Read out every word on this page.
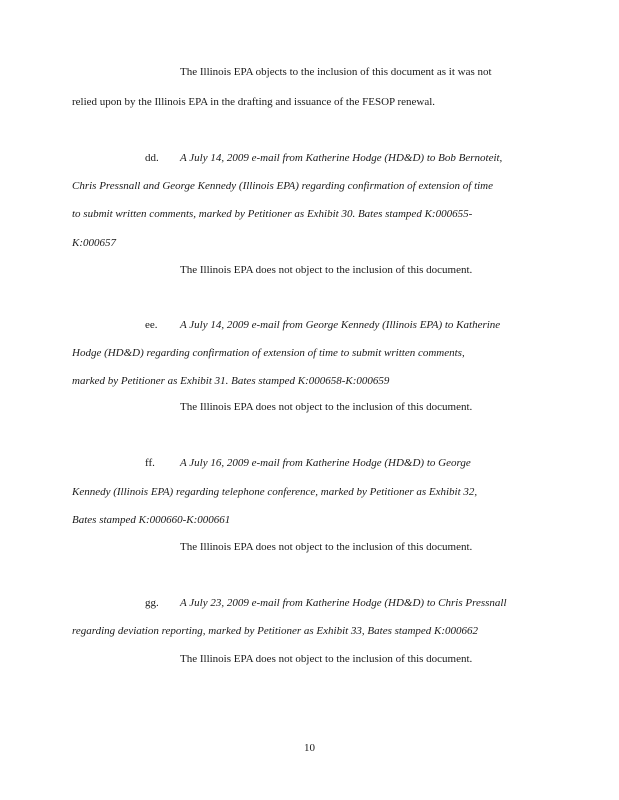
The Illinois EPA objects to the inclusion of this document as it was not
relied upon by the Illinois EPA in the drafting and issuance of the FESOP renewal.
dd. A July 14, 2009 e-mail from Katherine Hodge (HD&D) to Bob Bernoteit,
Chris Pressnall and George Kennedy (Illinois EPA) regarding confirmation of extension of time
to submit written comments, marked by Petitioner as Exhibit 30. Bates stamped K:000655-
K:000657
The Illinois EPA does not object to the inclusion of this document.
ee. A July 14, 2009 e-mail from George Kennedy (Illinois EPA) to Katherine
Hodge (HD&D) regarding confirmation of extension of time to submit written comments,
marked by Petitioner as Exhibit 31. Bates stamped K:000658-K:000659
The Illinois EPA does not object to the inclusion of this document.
ff. A July 16, 2009 e-mail from Katherine Hodge (HD&D) to George
Kennedy (Illinois EPA) regarding telephone conference, marked by Petitioner as Exhibit 32,
Bates stamped K:000660-K:000661
The Illinois EPA does not object to the inclusion of this document.
gg. A July 23, 2009 e-mail from Katherine Hodge (HD&D) to Chris Pressnall
regarding deviation reporting, marked by Petitioner as Exhibit 33, Bates stamped K:000662
The Illinois EPA does not object to the inclusion of this document.
10
